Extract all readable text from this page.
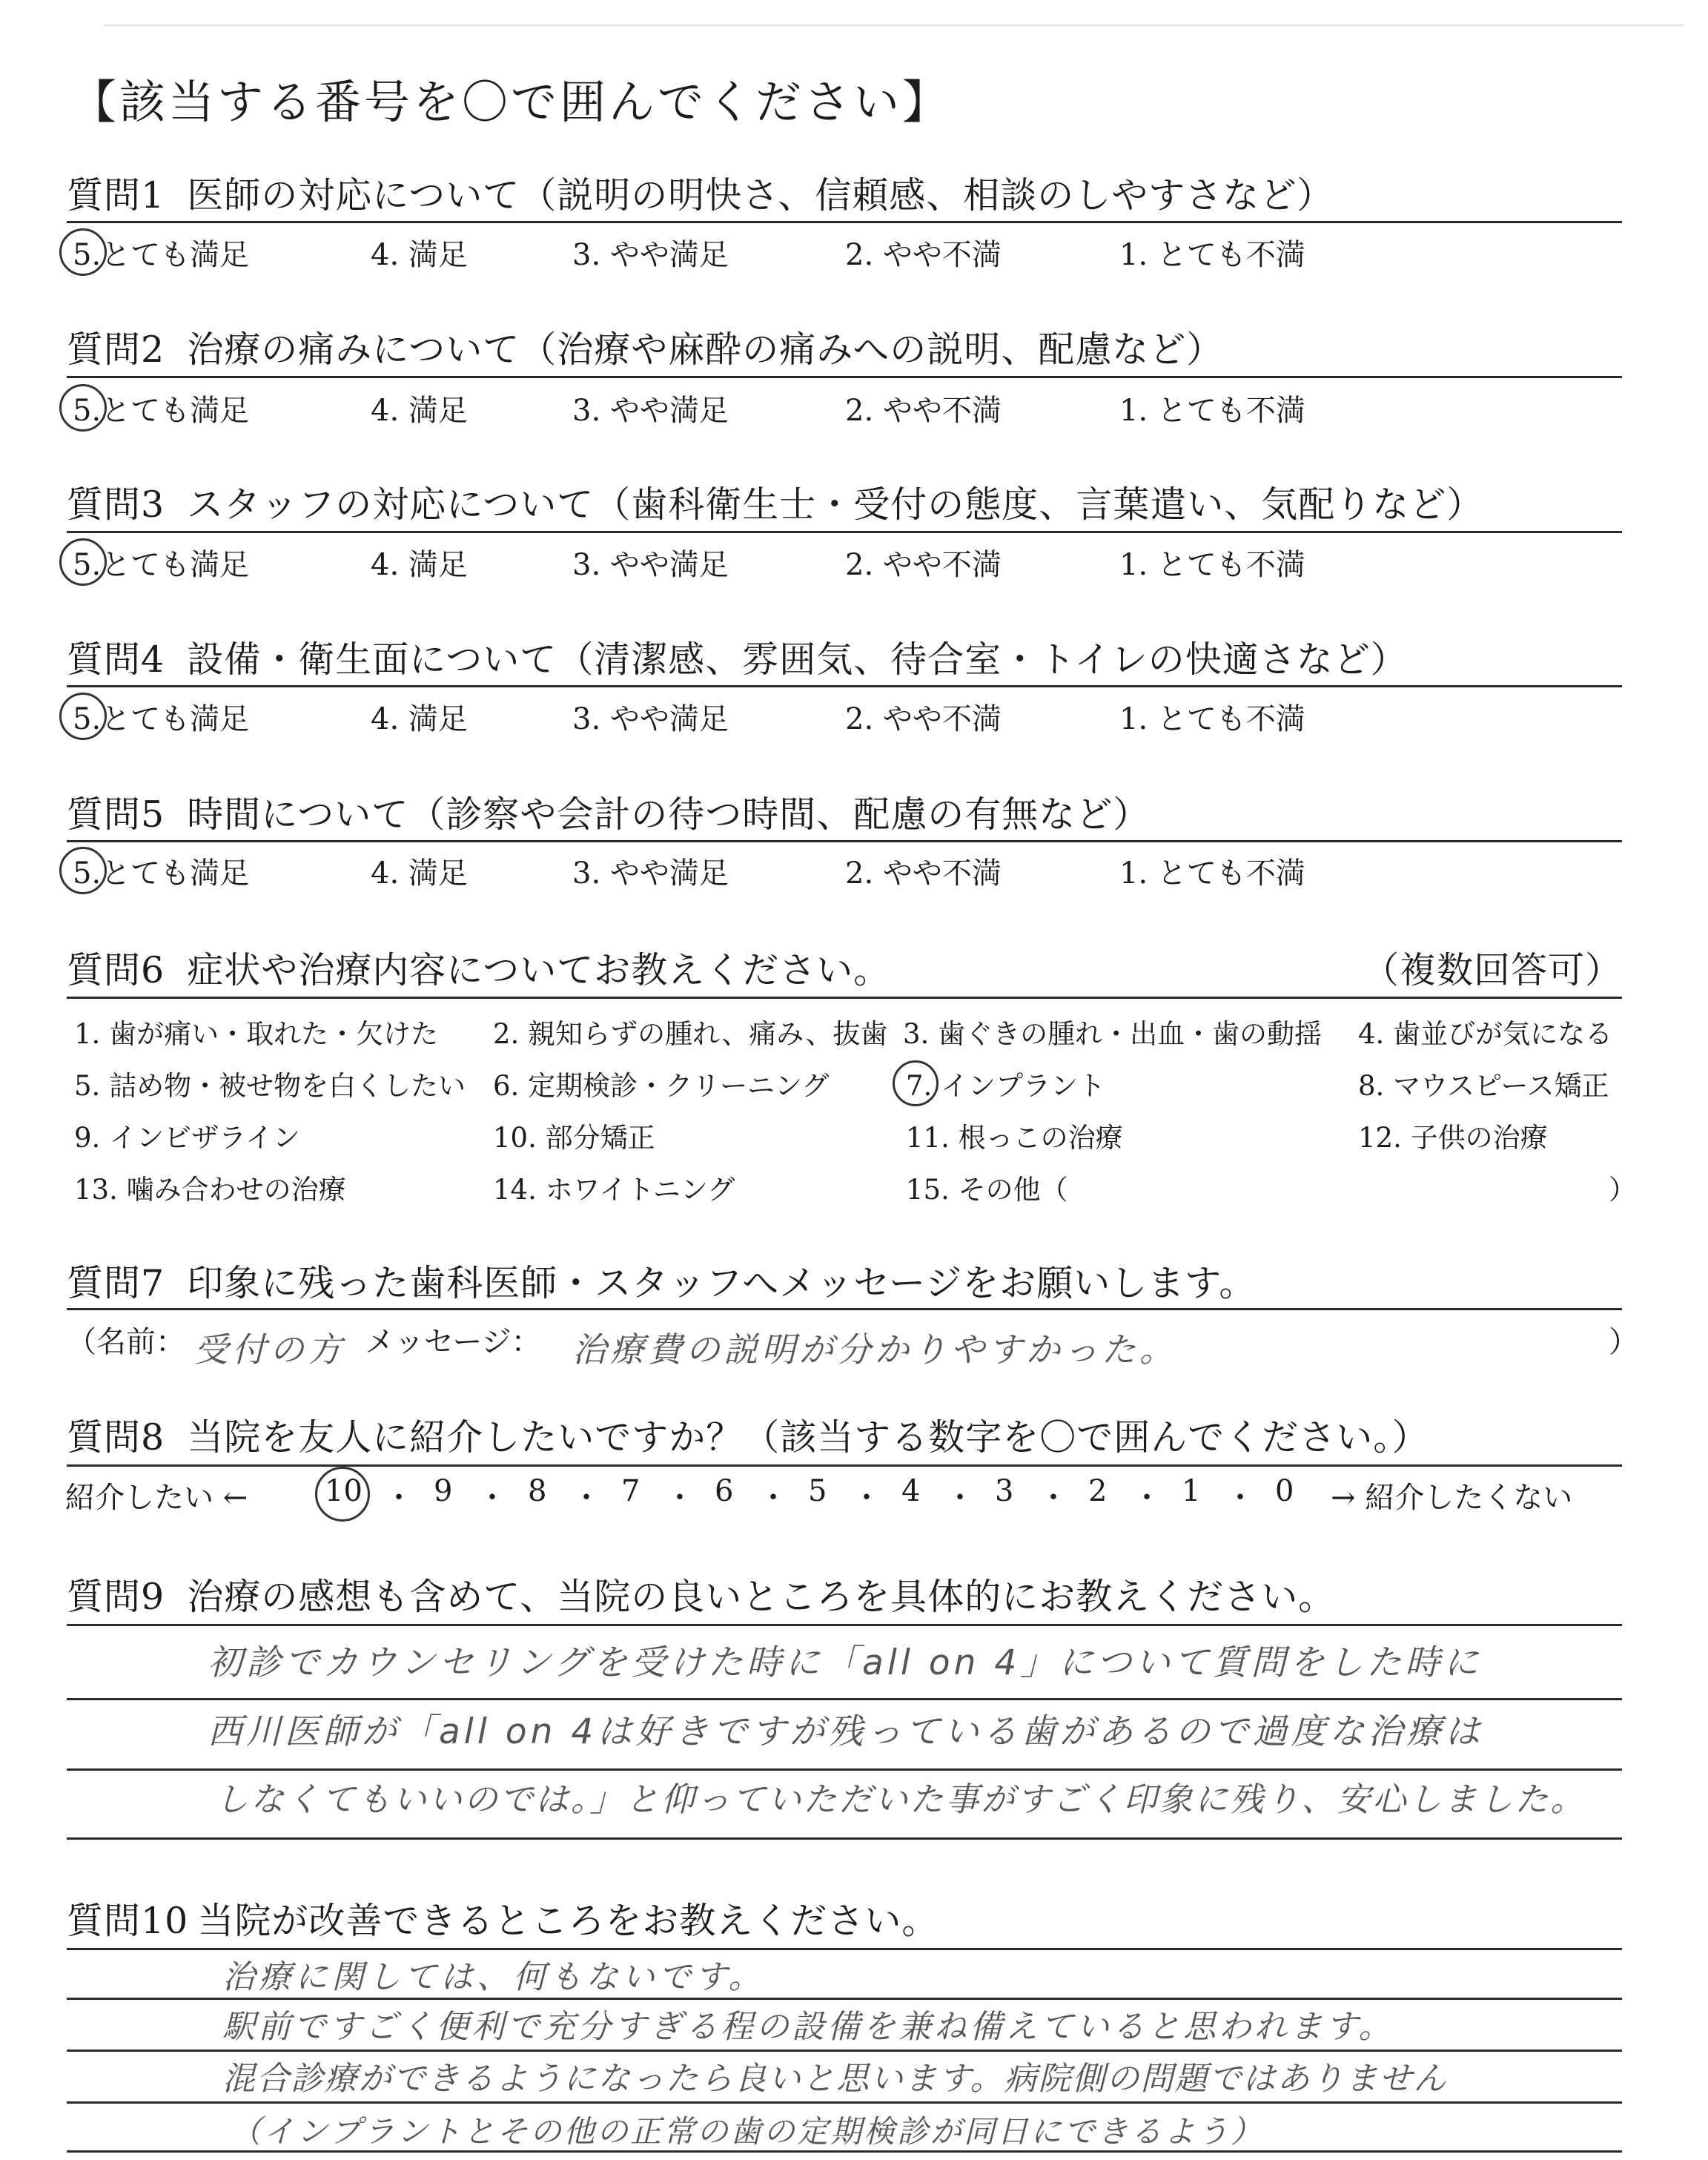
【該当する番号を〇で囲んでください】
質問1 医師の対応について（説明の明快さ、信頼感、相談のしやすさなど）
5.とても満足	4. 満足	3. やや満足	2. やや不満	1. とても不満
質問2 治療の痛みについて（治療や麻酔の痛みへの説明、配慮など）
5.とても満足	4. 満足	3. やや満足	2. やや不満	1. とても不満
質問3 スタッフの対応について（歯科衛生士・受付の態度、言葉遣い、気配りなど）
5.とても満足	4. 満足	3. やや満足	2. やや不満	1. とても不満
質問4 設備・衛生面について（清潔感、雰囲気、待合室・トイレの快適さなど）
5.とても満足	4. 満足	3. やや満足	2. やや不満	1. とても不満
質問5 時間について（診察や会計の待つ時間、配慮の有無など）
5.とても満足	4. 満足	3. やや満足	2. やや不満	1. とても不満
質問6 症状や治療内容についてお教えください。	（複数回答可）
1. 歯が痛い・取れた・欠けた 2. 親知らずの腫れ、痛み、抜歯 3. 歯ぐきの腫れ・出血・歯の動揺 4. 歯並びが気になる
5. 詰め物・被せ物を白くしたい 6. 定期検診・クリーニング	7. インプラント	8. マウスピース矯正
9. インビザライン	10. 部分矯正	11. 根っこの治療	12. 子供の治療
13. 噛み合わせの治療	14. ホワイトニング	15. その他（	）
質問7 印象に残った歯科医師・スタッフへメッセージをお願いします。
（名前： 受付の方 メッセージ： 治療費の説明が分かりやすかった。	）
質問8 当院を友人に紹介したいですか？（該当する数字を〇で囲んでください。）
紹介したい ←	10 ・ 9 ・ 8 ・ 7 ・ 6 ・ 5 ・ 4 ・ 3 ・ 2 ・ 1 ・ 0 → 紹介したくない
質問9 治療の感想も含めて、当院の良いところを具体的にお教えください。
初診でカウンセリングを受けた時に「all on 4」について質問をした時に
西川医師が「all on 4は好きですが残っている歯があるので過度な治療は
しなくてもいいのでは。」と仰っていただいた事がすごく印象に残り、安心しました。
質問10 当院が改善できるところをお教えください。
治療に関しては、何もないです。
駅前ですごく便利で充分すぎる程の設備を兼ね備えていると思われます。
混合診療ができるようになったら良いと思います。病院側の問題ではありません
（インプラントとその他の正常の歯の定期検診が同日にできるよう）
